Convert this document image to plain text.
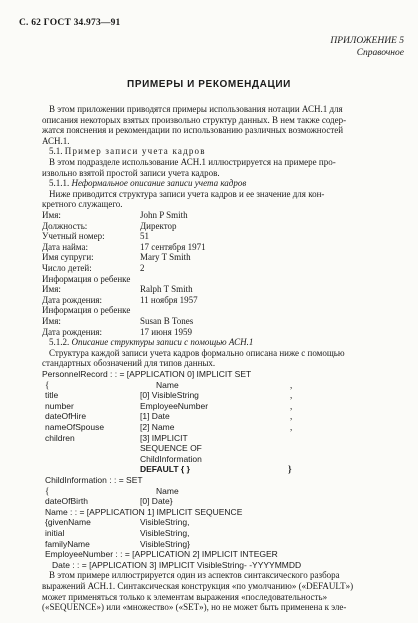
С. 62 ГОСТ 34.973—91
ПРИЛОЖЕНИЕ 5
Справочное
ПРИМЕРЫ И РЕКОМЕНДАЦИИ
В этом приложении приводятся примеры использования нотации АСН.1 для
описания некоторых взятых произвольно структур данных. В нем также содер-
жатся пояснения и рекомендации по использованию различных возможностей
АСН.1.
5.1. Пример записи учета кадров
В этом подразделе использование АСН.1 иллюстрируется на примере про-
извольно взятой простой записи учета кадров.
5.1.1. Неформальное описание записи учета кадров
Ниже приводится структура записи учета кадров и ее значение для кон-
кретного служащего.
Имя:	John P Smith
Должность:	Директор
Учетный номер:	51
Дата найма:	17 сентября 1971
Имя супруги:	Mary T Smith
Число детей:	2
Информация о ребенке
Имя:	Ralph T Smith
Дата рождения:	11 ноября 1957
Информация о ребенке
Имя:	Susan B Tones
Дата рождения:	17 июня 1959
5.1.2. Описание структуры записи с помощью АСН.1
Структура каждой записи учета кадров формально описана ниже с помощью
стандартных обозначений для типов данных.
PersonnelRecord : : = [APPLICATION 0] IMPLICIT SET
{	Name	,
title	[0] VisibleString	,
number	EmployeeNumber	,
dateOfHire	[1] Date	,
nameOfSpouse	[2] Name	,
children	[3] IMPLICIT
SEQUENCE OF
ChildInformation
DEFAULT { }	}
ChildInformation : : = SET
{	Name
dateOfBirth	[0] Date}
Name : : = [APPLICATION 1] IMPLICIT SEQUENCE
{givenName	VisibleString,
initial	VisibleString,
familyName	VisibleString}
EmployeeNumber : : = [APPLICATION 2] IMPLICIT INTEGER
Date : : = [APPLICATION 3] IMPLICIT VisibleString- -YYYYMMDD
В этом примере иллюстрируется один из аспектов синтаксического разбора
выражений АСН.1. Синтаксическая конструкция «по умолчанию» («DEFAULT»)
может применяться только к элементам выражения «последовательность»
(«SEQUENCE») или «множество» («SET»), но не может быть применена к эле-
